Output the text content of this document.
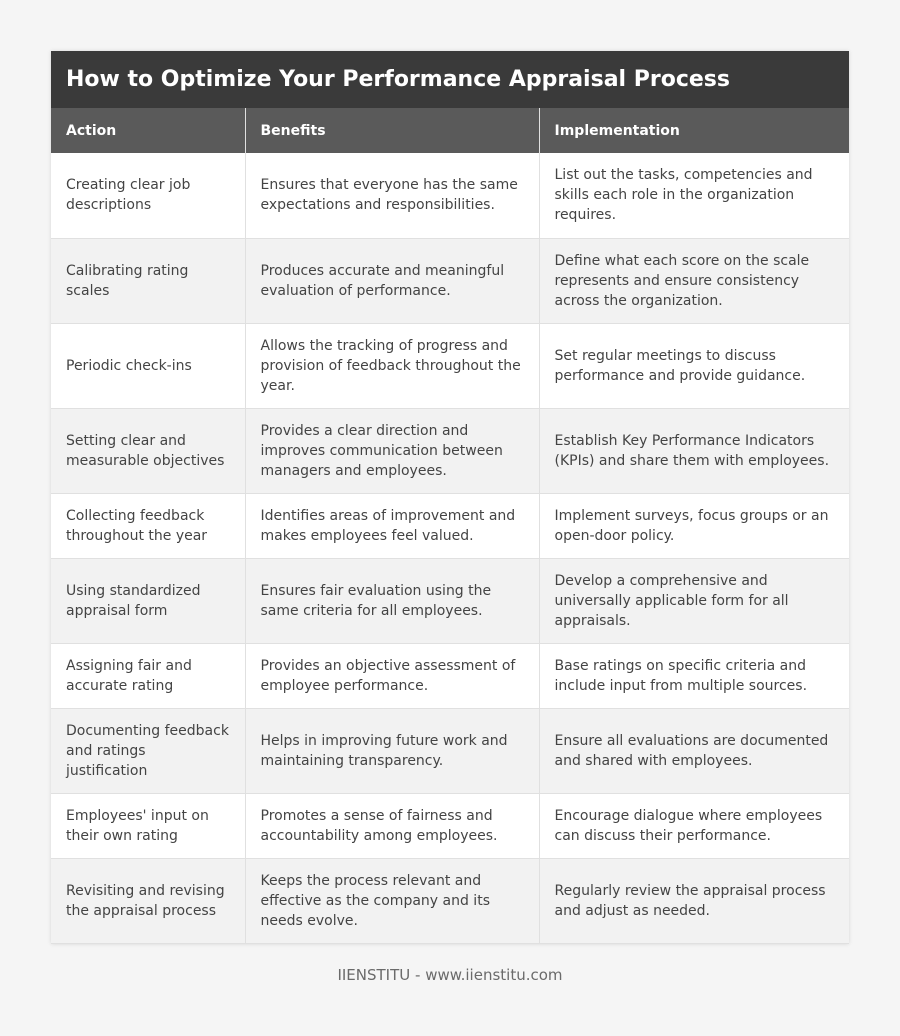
How to Optimize Your Performance Appraisal Process
Action	Benefits	Implementation
Creating clear job descriptions	Ensures that everyone has the same expectations and responsibilities.	List out the tasks, competencies and skills each role in the organization requires.
Calibrating rating scales	Produces accurate and meaningful evaluation of performance.	Define what each score on the scale represents and ensure consistency across the organization.
Periodic check-ins	Allows the tracking of progress and provision of feedback throughout the year.	Set regular meetings to discuss performance and provide guidance.
Setting clear and measurable objectives	Provides a clear direction and improves communication between managers and employees.	Establish Key Performance Indicators (KPIs) and share them with employees.
Collecting feedback throughout the year	Identifies areas of improvement and makes employees feel valued.	Implement surveys, focus groups or an open-door policy.
Using standardized appraisal form	Ensures fair evaluation using the same criteria for all employees.	Develop a comprehensive and universally applicable form for all appraisals.
Assigning fair and accurate rating	Provides an objective assessment of employee performance.	Base ratings on specific criteria and include input from multiple sources.
Documenting feedback and ratings justification	Helps in improving future work and maintaining transparency.	Ensure all evaluations are documented and shared with employees.
Employees' input on their own rating	Promotes a sense of fairness and accountability among employees.	Encourage dialogue where employees can discuss their performance.
Revisiting and revising the appraisal process	Keeps the process relevant and effective as the company and its needs evolve.	Regularly review the appraisal process and adjust as needed.
IIENSTITU - www.iienstitu.com
